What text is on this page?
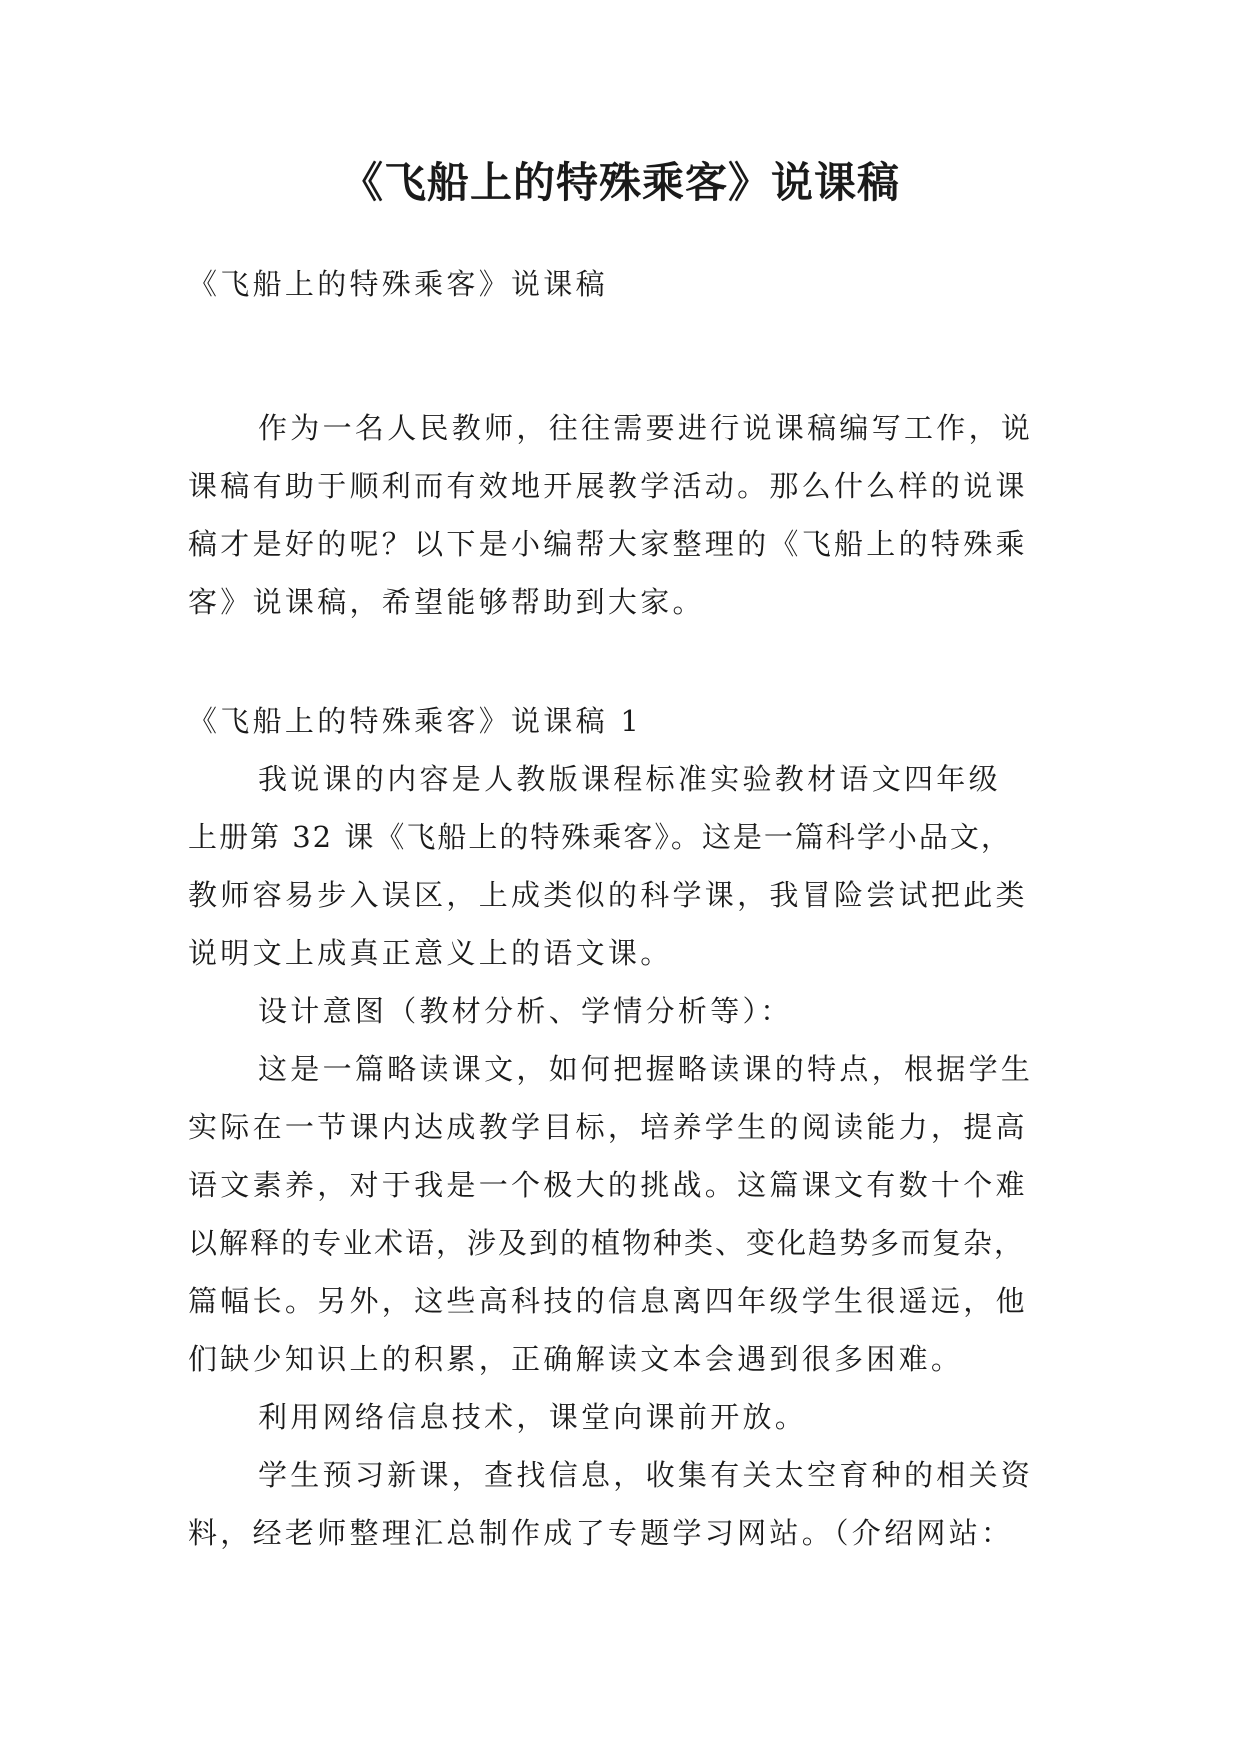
《飞船上的特殊乘客》说课稿

《飞船上的特殊乘客》说课稿

作为一名人民教师，往往需要进行说课稿编写工作，说

课稿有助于顺利而有效地开展教学活动。那么什么样的说课

稿才是好的呢？以下是小编帮大家整理的《飞船上的特殊乘

客》说课稿，希望能够帮助到大家。

《飞船上的特殊乘客》说课稿 1

我说课的内容是人教版课程标准实验教材语文四年级

上册第 32 课《飞船上的特殊乘客》。这是一篇科学小品文，

教师容易步入误区，上成类似的科学课，我冒险尝试把此类

说明文上成真正意义上的语文课。

设计意图（教材分析、学情分析等）：

这是一篇略读课文，如何把握略读课的特点，根据学生

实际在一节课内达成教学目标，培养学生的阅读能力，提高

语文素养，对于我是一个极大的挑战。这篇课文有数十个难

以解释的专业术语，涉及到的植物种类、变化趋势多而复杂，

篇幅长。另外，这些高科技的信息离四年级学生很遥远，他

们缺少知识上的积累，正确解读文本会遇到很多困难。

利用网络信息技术，课堂向课前开放。

学生预习新课，查找信息，收集有关太空育种的相关资

料，经老师整理汇总制作成了专题学习网站。（介绍网站：
